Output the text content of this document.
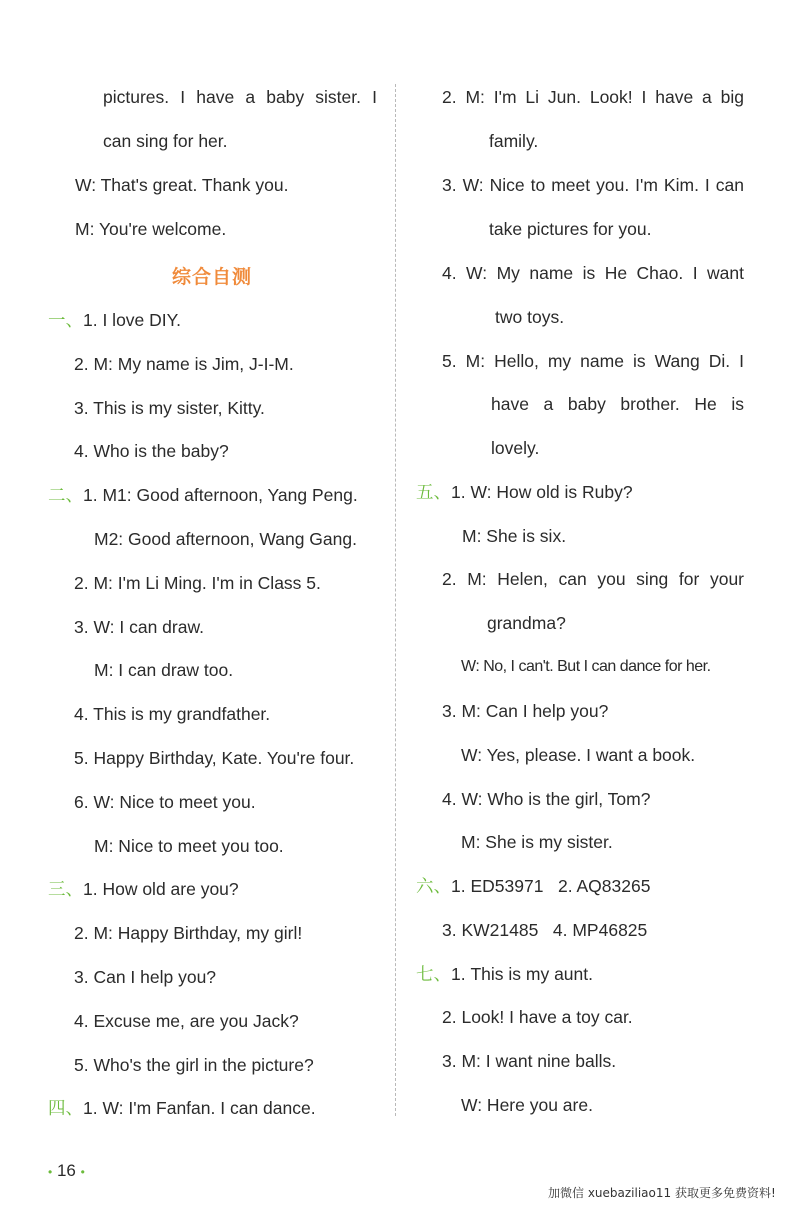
pictures. I have a baby sister. I
can sing for her.
W: That's great. Thank you.
M: You're welcome.
综合自测
一、1. I love DIY.
2. M: My name is Jim, J-I-M.
3. This is my sister, Kitty.
4. Who is the baby?
二、1. M1: Good afternoon, Yang Peng.
M2: Good afternoon, Wang Gang.
2. M: I'm Li Ming. I'm in Class 5.
3. W: I can draw.
M: I can draw too.
4. This is my grandfather.
5. Happy Birthday, Kate. You're four.
6. W: Nice to meet you.
M: Nice to meet you too.
三、1. How old are you?
2. M: Happy Birthday, my girl!
3. Can I help you?
4. Excuse me, are you Jack?
5. Who's the girl in the picture?
四、1. W: I'm Fanfan. I can dance.
2. M: I'm Li Jun. Look! I have a big
family.
3. W: Nice to meet you. I'm Kim. I can
take pictures for you.
4. W: My name is He Chao. I want
two toys.
5. M: Hello, my name is Wang Di. I
have a baby brother. He is
lovely.
五、1. W: How old is Ruby?
M: She is six.
2. M: Helen, can you sing for your
grandma?
W: No, I can't. But I can dance for her.
3. M: Can I help you?
W: Yes, please. I want a book.
4. W: Who is the girl, Tom?
M: She is my sister.
六、1. ED53971   2. AQ83265
3. KW21485   4. MP46825
七、1. This is my aunt.
2. Look! I have a toy car.
3. M: I want nine balls.
W: Here you are.
• 16 •
加微信 xuebaziliao11 获取更多免费资料!
